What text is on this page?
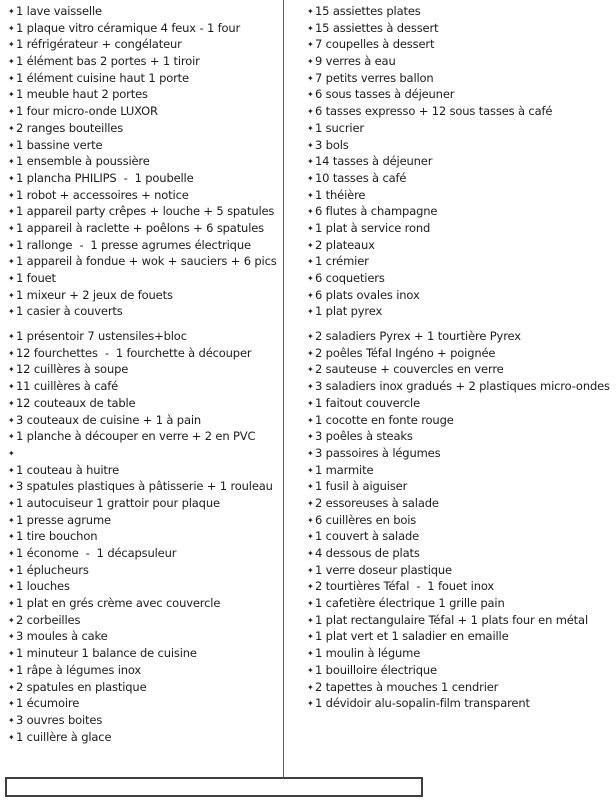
✦1 lave vaisselle
✦1 plaque vitro céramique 4 feux - 1 four
✦1 réfrigérateur + congélateur
✦1 élément bas 2 portes + 1 tiroir
✦1 élément cuisine haut 1 porte
✦1 meuble haut 2 portes
✦1 four micro-onde LUXOR
✦2 ranges bouteilles
✦1 bassine verte
✦1 ensemble à poussière
✦1 plancha PHILIPS  -  1 poubelle
✦1 robot + accessoires + notice
✦1 appareil party crêpes + louche + 5 spatules
✦1 appareil à raclette + poêlons + 6 spatules
✦1 rallonge  -  1 presse agrumes électrique
✦1 appareil à fondue + wok + sauciers + 6 pics
✦1 fouet
✦1 mixeur + 2 jeux de fouets
✦1 casier à couverts
✦1 présentoir 7 ustensiles+bloc
✦12 fourchettes  -  1 fourchette à découper
✦12 cuillères à soupe
✦11 cuillères à café
✦12 couteaux de table
✦3 couteaux de cuisine + 1 à pain
✦1 planche à découper en verre + 2 en PVC
✦
✦1 couteau à huitre
✦3 spatules plastiques à pâtisserie + 1 rouleau
✦1 autocuiseur 1 grattoir pour plaque
✦1 presse agrume
✦1 tire bouchon
✦1 économe  -  1 décapsuleur
✦1 éplucheurs
✦1 louches
✦1 plat en grés crème avec couvercle
✦2 corbeilles
✦3 moules à cake
✦1 minuteur 1 balance de cuisine
✦1 râpe à légumes inox
✦2 spatules en plastique
✦1 écumoire
✦3 ouvres boites
✦1 cuillère à glace
✦15 assiettes plates
✦15 assiettes à dessert
✦7 coupelles à dessert
✦9 verres à eau
✦7 petits verres ballon
✦6 sous tasses à déjeuner
✦6 tasses expresso + 12 sous tasses à café
✦1 sucrier
✦3 bols
✦14 tasses à déjeuner
✦10 tasses à café
✦1 théière
✦6 flutes à champagne
✦1 plat à service rond
✦2 plateaux
✦1 crémier
✦6 coquetiers
✦6 plats ovales inox
✦1 plat pyrex
✦2 saladiers Pyrex + 1 tourtière Pyrex
✦2 poêles Téfal Ingéno + poignée
✦2 sauteuse + couvercles en verre
✦3 saladiers inox gradués + 2 plastiques micro-ondes
✦1 faitout couvercle
✦1 cocotte en fonte rouge
✦3 poêles à steaks
✦3 passoires à légumes
✦1 marmite
✦1 fusil à aiguiser
✦2 essoreuses à salade
✦6 cuillères en bois
✦1 couvert à salade
✦4 dessous de plats
✦1 verre doseur plastique
✦2 tourtières Téfal  -  1 fouet inox
✦1 cafetière électrique 1 grille pain
✦1 plat rectangulaire Téfal + 1 plats four en métal
✦1 plat vert et 1 saladier en emaille
✦1 moulin à légume
✦1 bouilloire électrique
✦2 tapettes à mouches 1 cendrier
✦1 dévidoir alu-sopalin-film transparent
